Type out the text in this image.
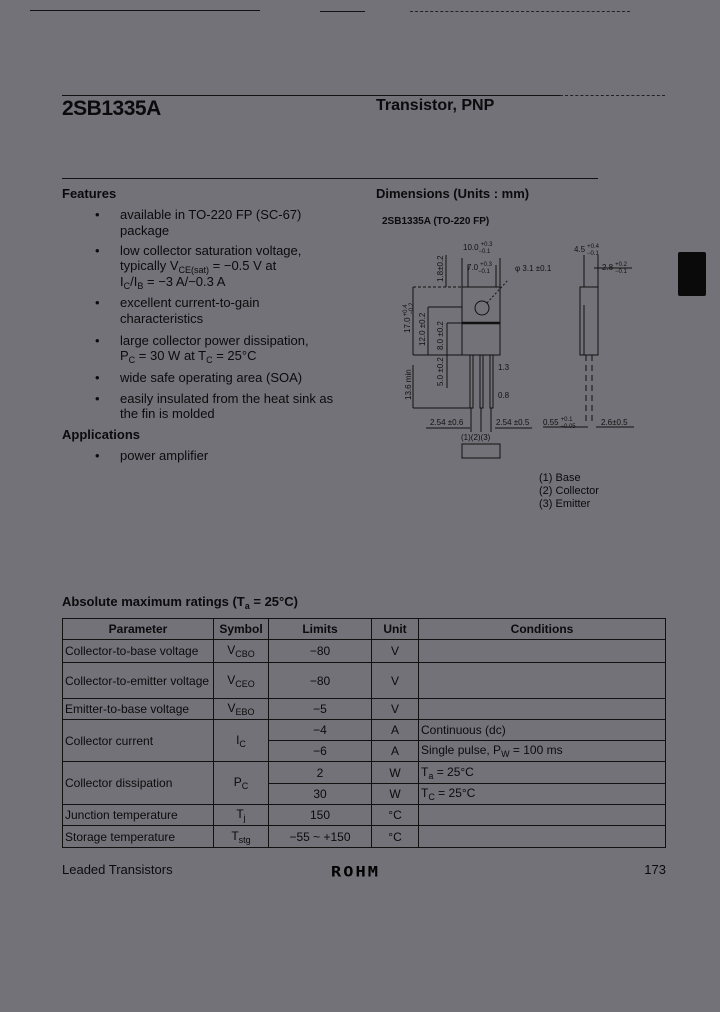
2SB1335A	Transistor, PNP
Features
• available in TO-220 FP (SC-67)
package
• low collector saturation voltage,
typically $V_{CE(sat)} = -0.5$ V at
$I_C/I_B = -3$ A/−0.3 A
• excellent current-to-gain
characteristics
• large collector power dissipation,
$P_C = 30$ W at $T_C = 25^\circ C$
• wide safe operating area (SOA)
• easily insulated from the heat sink as
the fin is molded
Applications
• power amplifier
Dimensions (Units : mm)
2SB1335A (TO-220 FP)
10.0 $^{+0.3}$ −0.1
7.0 $^{+0.3}$ −0.1	φ 3.1 ±0.1
1.8±0.2
$17.0^{+0.4}-0.2$
12.0 ±0.2 8.0 ±0.2
5.0 ±0.2
13.6 min
1.3
0.8
2.54 ±0.6	2.54 ±0.5
(1)(2)(3)
4.5 $^{+0.4}$ −0.1
2.8 $^{+0.2}$ −0.1
0.55 $^{+0.1}$ −0.05	2.6±0.5
(1) Base
(2) Collector
(3) Emitter
Absolute maximum ratings $(T_a = 25^\circ C)$
Parameter	Symbol	Limits	Unit	Conditions
Collector-to-base voltage	$V_{CBO}$	−80	V	
Collector-to-emitter voltage	$V_{CEO}$	−80	V	
Emitter-to-base voltage	$V_{EBO}$	−5	V	
Collector current	$I_C$	−4	A	Continuous (dc)
		−6	A	Single pulse, $P_W = 100$ ms
Collector dissipation	$P_C$	2	W	$T_a = 25^\circ C$
		30	W	$T_C = 25^\circ C$
Junction temperature	$T_j$	150	°C	
Storage temperature	$T_{stg}$	−55 ~ +150	°C	
Leaded Transistors	ROHM	173
